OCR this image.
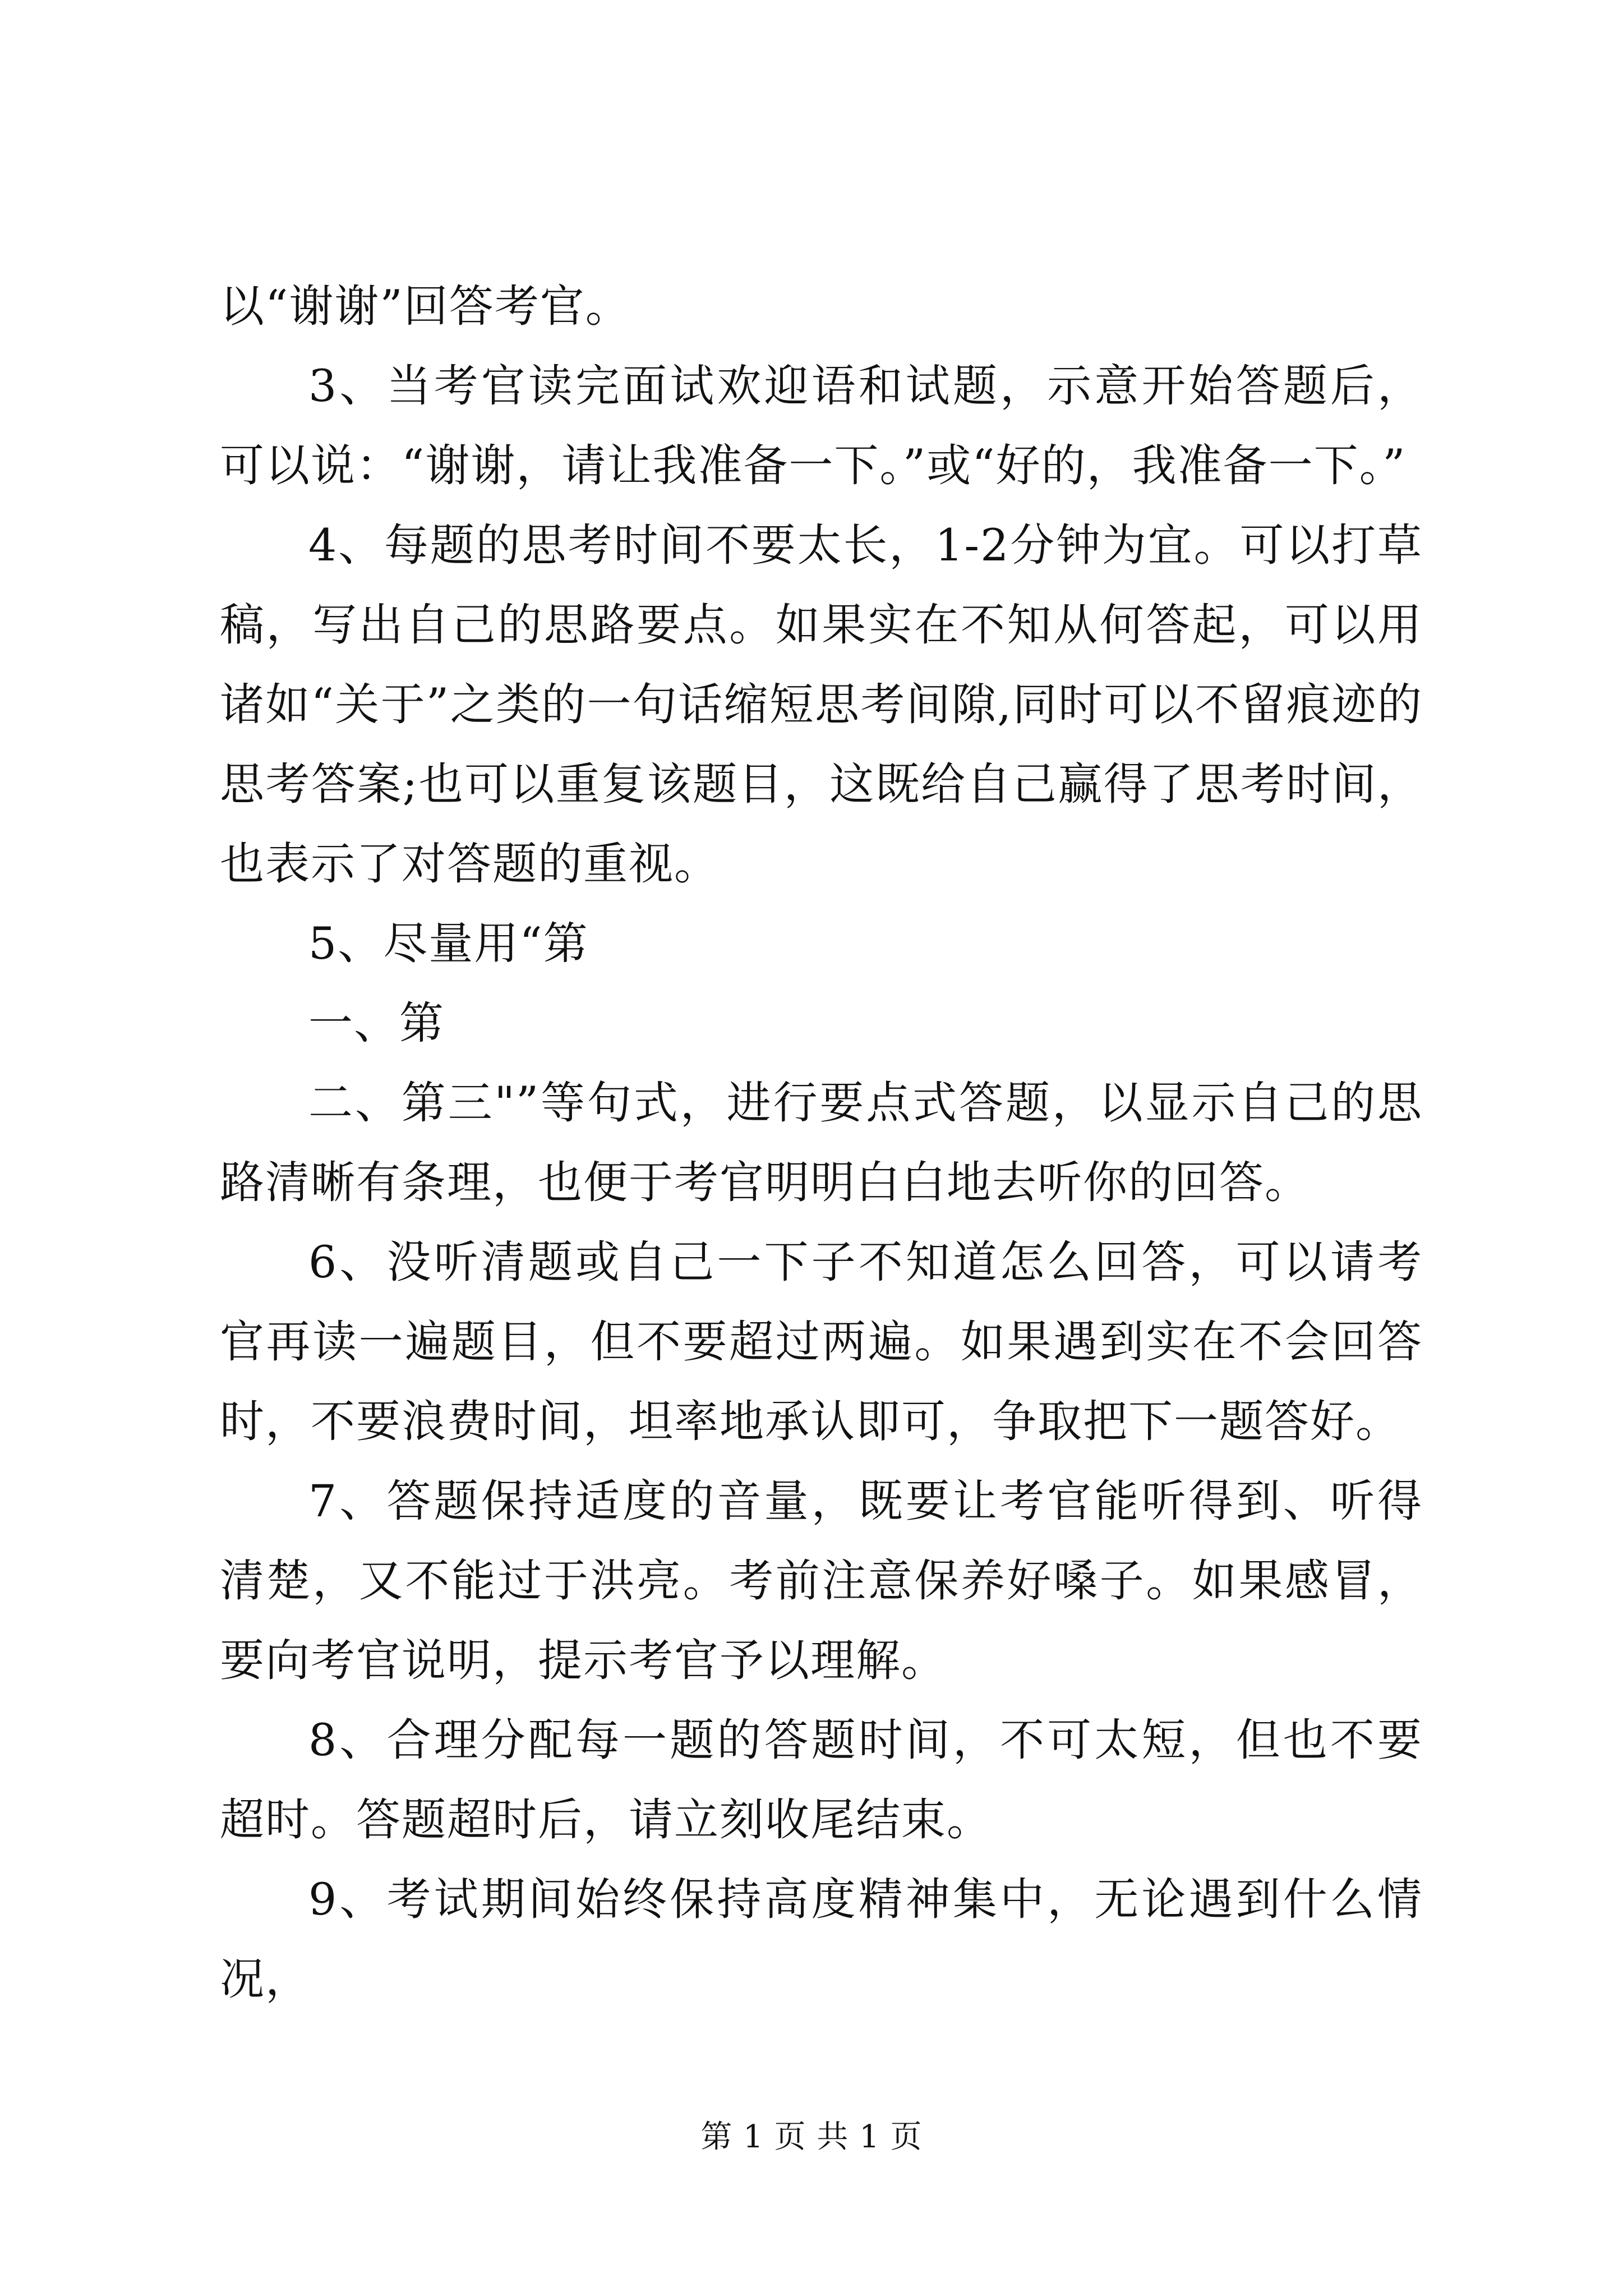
以“谢谢”回答考官。

3、当考官读完面试欢迎语和试题，示意开始答题后，可以说：“谢谢，请让我准备一下。”或“好的，我准备一下。”

4、每题的思考时间不要太长，1-2分钟为宜。可以打草稿，写出自己的思路要点。如果实在不知从何答起，可以用诸如“关于”之类的一句话缩短思考间隙,同时可以不留痕迹的思考答案;也可以重复该题目，这既给自己赢得了思考时间，也表示了对答题的重视。

5、尽量用“第

一、第

二、第三"”等句式，进行要点式答题，以显示自己的思路清晰有条理，也便于考官明明白白地去听你的回答。

6、没听清题或自己一下子不知道怎么回答，可以请考官再读一遍题目，但不要超过两遍。如果遇到实在不会回答时，不要浪费时间，坦率地承认即可，争取把下一题答好。

7、答题保持适度的音量，既要让考官能听得到、听得清楚，又不能过于洪亮。考前注意保养好嗓子。如果感冒，要向考官说明，提示考官予以理解。

8、合理分配每一题的答题时间，不可太短，但也不要超时。答题超时后，请立刻收尾结束。

9、考试期间始终保持高度精神集中，无论遇到什么情况，

第 1 页 共 1 页
